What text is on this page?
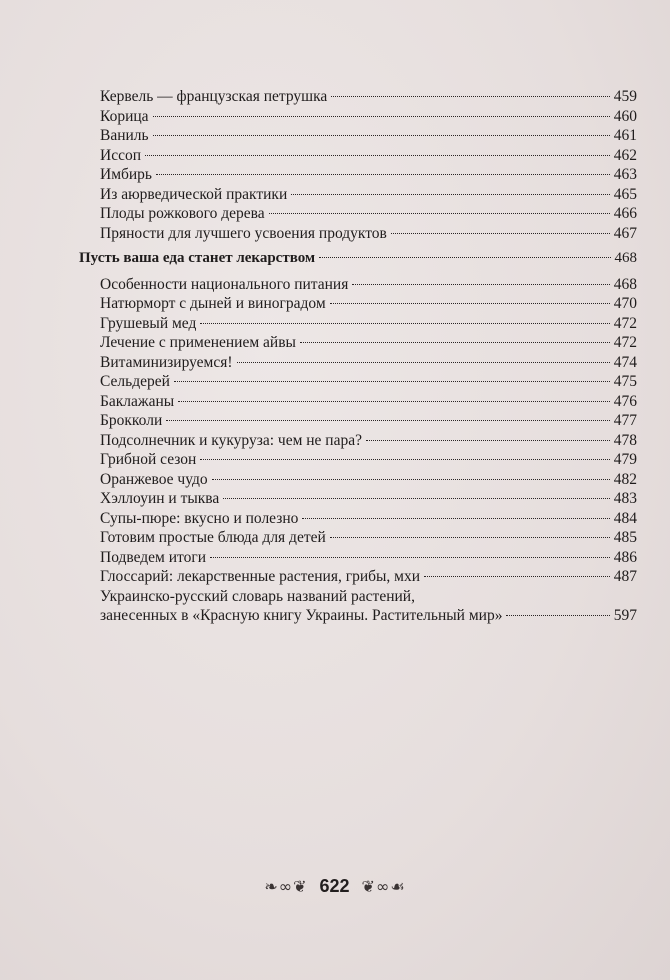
Кервель — французская петрушка	459
Корица	460
Ваниль	461
Иссоп	462
Имбирь	463
Из аюрведической практики	465
Плоды рожкового дерева	466
Пряности для лучшего усвоения продуктов	467
Пусть ваша еда станет лекарством	468
Особенности национального питания	468
Натюрморт с дыней и виноградом	470
Грушевый мед	472
Лечение с применением айвы	472
Витаминизируемся!	474
Сельдерей	475
Баклажаны	476
Брокколи	477
Подсолнечник и кукуруза: чем не пара?	478
Грибной сезон	479
Оранжевое чудо	482
Хэллоуин и тыква	483
Супы-пюре: вкусно и полезно	484
Готовим простые блюда для детей	485
Подведем итоги	486
Глоссарий: лекарственные растения, грибы, мхи	487
Украинско-русский словарь названий растений,
занесенных в «Красную книгу Украины. Растительный мир»	597
❧∞❦ 622 ❦∞☙
